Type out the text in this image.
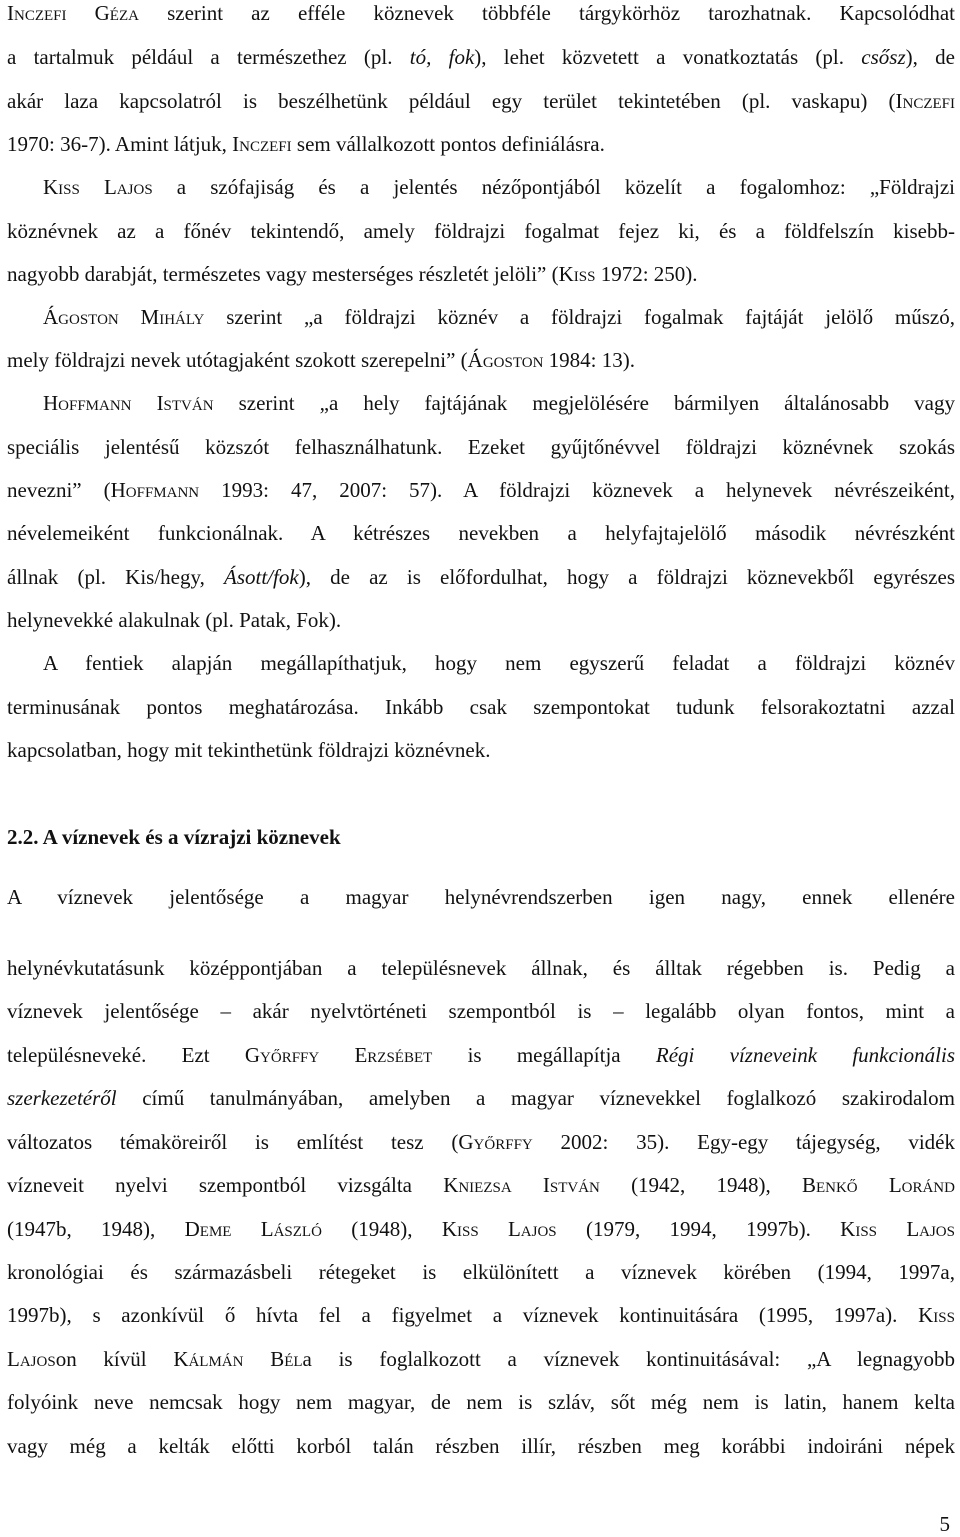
Inczefi Géza szerint az efféle köznevek többféle tárgykörhöz tarozhatnak. Kapcsolódhat
a tartalmuk például a természethez (pl. tó, fok), lehet közvetett a vonatkoztatás (pl. csősz), de
akár laza kapcsolatról is beszélhetünk például egy terület tekintetében (pl. vaskapu) (Inczefi
1970: 36-7). Amint látjuk, Inczefi sem vállalkozott pontos definiálásra.
Kiss Lajos a szófajiság és a jelentés nézőpontjából közelít a fogalomhoz: „Földrajzi
köznévnek az a főnév tekintendő, amely földrajzi fogalmat fejez ki, és a földfelszín kisebb-
nagyobb darabját, természetes vagy mesterséges részletét jelöli” (Kiss 1972: 250).
Ágoston Mihály szerint „a földrajzi köznév a földrajzi fogalmak fajtáját jelölő műszó,
mely földrajzi nevek utótagjaként szokott szerepelni” (Ágoston 1984: 13).
Hoffmann István szerint „a hely fajtájának megjelölésére bármilyen általánosabb vagy
speciális jelentésű közszót felhasználhatunk. Ezeket gyűjtőnévvel földrajzi köznévnek szokás
nevezni” (Hoffmann 1993: 47, 2007: 57). A földrajzi köznevek a helynevek névrészeiként,
névelemeiként funkcionálnak. A kétrészes nevekben a helyfajtajelölő második névrészként
állnak (pl. Kis/hegy, Ásott/fok), de az is előfordulhat, hogy a földrajzi köznevekből egyrészes
helynevekké alakulnak (pl. Patak, Fok).
A fentiek alapján megállapíthatjuk, hogy nem egyszerű feladat a földrajzi köznév
terminusának pontos meghatározása. Inkább csak szempontokat tudunk felsorakoztatni azzal
kapcsolatban, hogy mit tekinthetünk földrajzi köznévnek.
2.2. A víznevek és a vízrajzi köznevek
A víznevek jelentősége a magyar helynévrendszerben igen nagy, ennek ellenére
helynévkutatásunk középpontjában a településnevek állnak, és álltak régebben is. Pedig a
víznevek jelentősége – akár nyelvtörténeti szempontból is – legalább olyan fontos, mint a
településneveké. Ezt Győrffy Erzsébet is megállapítja Régi vízneveink funkcionális
szerkezetéről című tanulmányában, amelyben a magyar víznevekkel foglalkozó szakirodalom
változatos témaköreiről is említést tesz (Győrffy 2002: 35). Egy-egy tájegység, vidék
vízneveit nyelvi szempontból vizsgálta Kniezsa István (1942, 1948), Benkő Loránd
(1947b, 1948), Deme László (1948), Kiss Lajos (1979, 1994, 1997b). Kiss Lajos
kronológiai és származásbeli rétegeket is elkülönített a víznevek körében (1994, 1997a,
1997b), s azonkívül ő hívta fel a figyelmet a víznevek kontinuitására (1995, 1997a). Kiss
Lajoson kívül Kálmán Béla is foglalkozott a víznevek kontinuitásával: „A legnagyobb
folyóink neve nemcsak hogy nem magyar, de nem is szláv, sőt még nem is latin, hanem kelta
vagy még a kelták előtti korból talán részben illír, részben meg korábbi indoiráni népek
5
